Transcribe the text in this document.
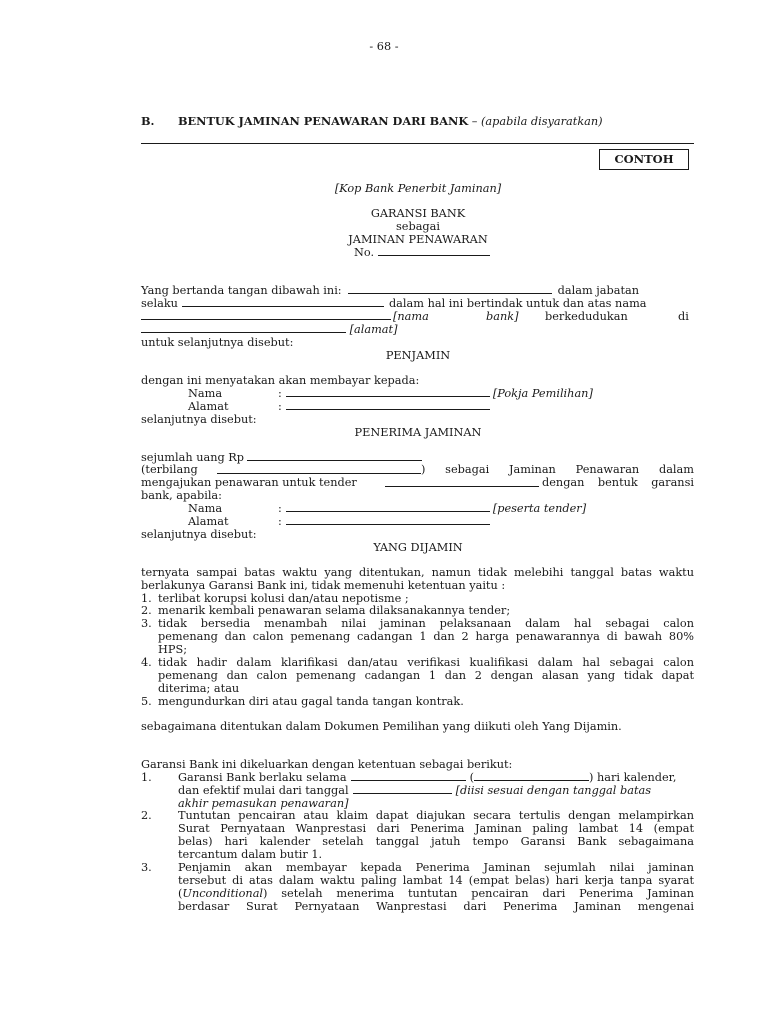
- 68 -
B. BENTUK JAMINAN PENAWARAN DARI BANK – (apabila disyaratkan)
CONTOH
[Kop Bank Penerbit Jaminan]
GARANSI BANK
sebagai
JAMINAN PENAWARAN
No.
Yang bertanda tangan dibawah ini:	dalam jabatan
selaku	dalam hal ini bertindak untuk dan atas nama
[nama	bank] berkedudukan	di
[alamat]
untuk selanjutnya disebut:
PENJAMIN
dengan ini menyatakan akan membayar kepada:
Nama	:	[Pokja Pemilihan]
Alamat	:
selanjutnya disebut:
PENERIMA JAMINAN
sejumlah uang Rp
(terbilang	) sebagai Jaminan Penawaran dalam
mengajukan penawaran untuk tender	dengan bentuk garansi
bank, apabila:
Nama	:	[peserta tender]
Alamat	:
selanjutnya disebut:
YANG DIJAMIN
ternyata sampai batas waktu yang ditentukan, namun tidak melebihi tanggal batas waktu
berlakunya Garansi Bank ini, tidak memenuhi ketentuan yaitu :
1. terlibat korupsi kolusi dan/atau nepotisme ;
2. menarik kembali penawaran selama dilaksanakannya tender;
3. tidak bersedia menambah nilai jaminan pelaksanaan dalam hal sebagai calon
pemenang dan calon pemenang cadangan 1 dan 2 harga penawarannya di bawah 80%
HPS;
4. tidak hadir dalam klarifikasi dan/atau verifikasi kualifikasi dalam hal sebagai calon
pemenang dan calon pemenang cadangan 1 dan 2 dengan alasan yang tidak dapat
diterima; atau
5. mengundurkan diri atau gagal tanda tangan kontrak.
sebagaimana ditentukan dalam Dokumen Pemilihan yang diikuti oleh Yang Dijamin.
Garansi Bank ini dikeluarkan dengan ketentuan sebagai berikut:
1. Garansi Bank berlaku selama	(	) hari kalender,
dan efektif mulai dari tanggal	[diisi sesuai dengan tanggal batas
akhir pemasukan penawaran]
2. Tuntutan pencairan atau klaim dapat diajukan secara tertulis dengan melampirkan
Surat Pernyataan Wanprestasi dari Penerima Jaminan paling lambat 14 (empat
belas) hari kalender setelah tanggal jatuh tempo Garansi Bank sebagaimana
tercantum dalam butir 1.
3. Penjamin akan membayar kepada Penerima Jaminan sejumlah nilai jaminan
tersebut di atas dalam waktu paling lambat 14 (empat belas) hari kerja tanpa syarat
(Unconditional) setelah menerima tuntutan pencairan dari Penerima Jaminan
berdasar Surat Pernyataan Wanprestasi dari Penerima Jaminan mengenai
